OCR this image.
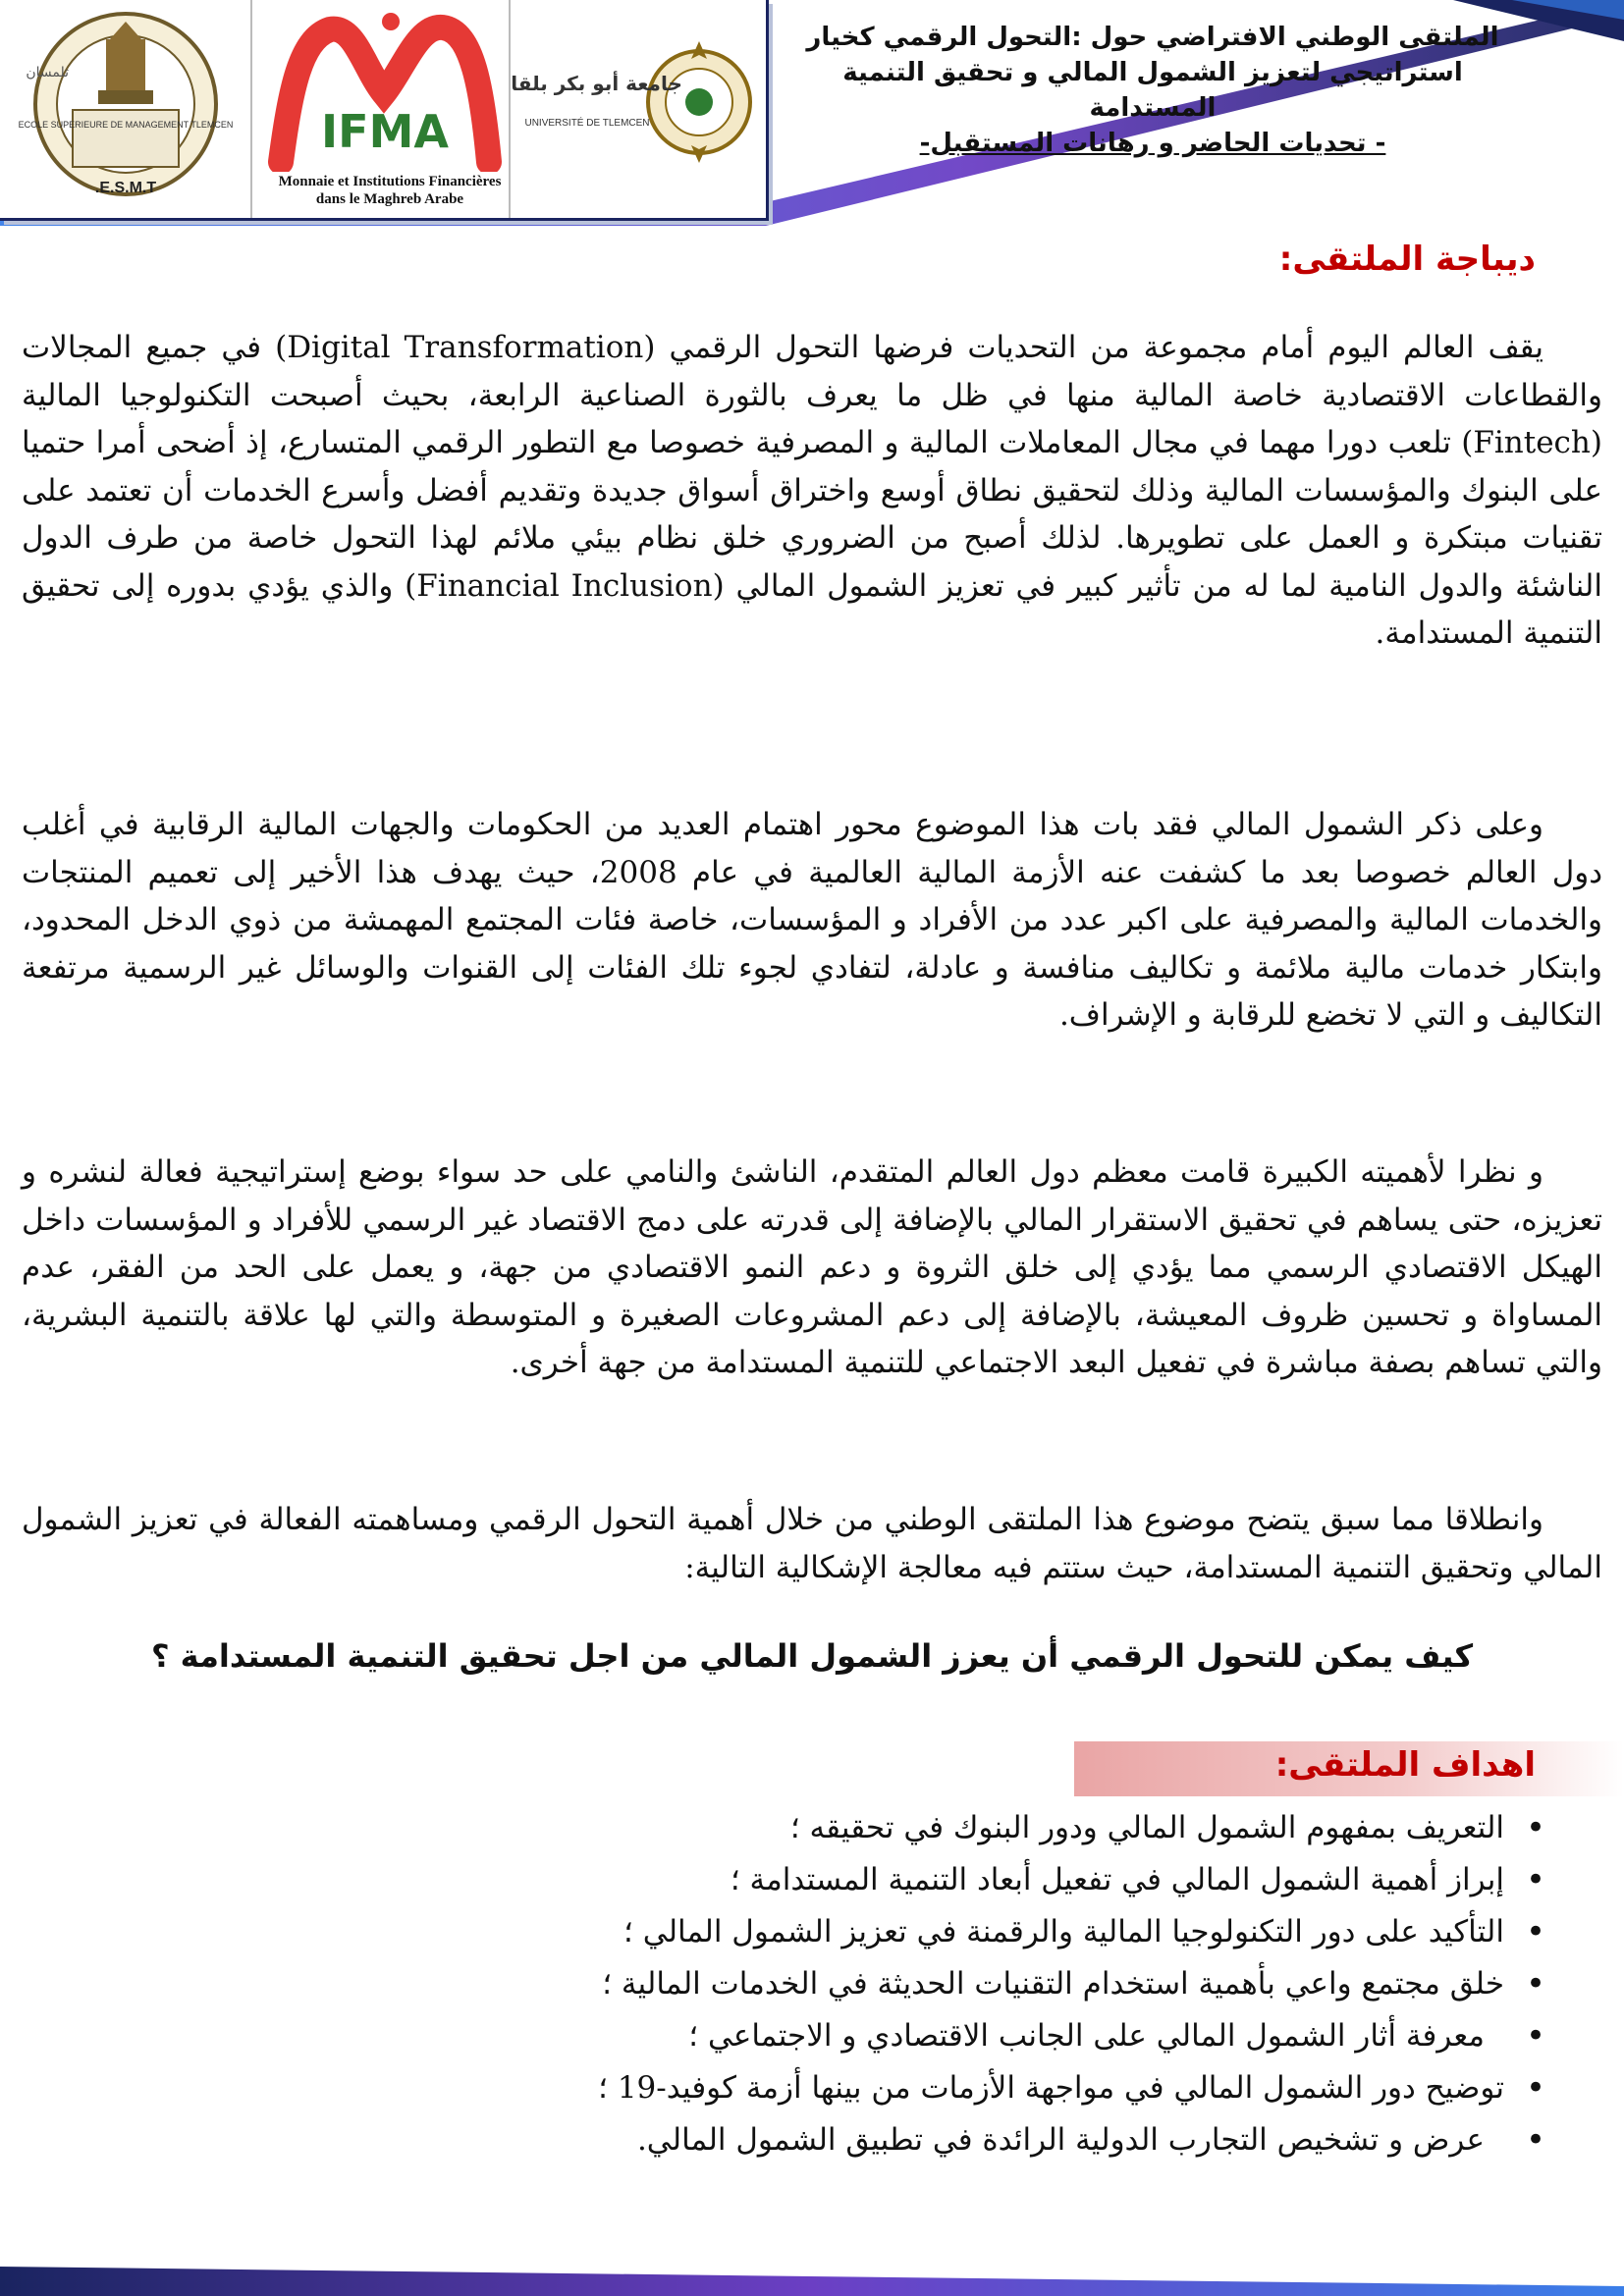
ECOLE SUPERIEURE DE MANAGEMENT TLEMCEN
E.S.M.T.
تلمسان
IFMA
جامعة أبو بكر بلقايد
UNIVERSITÉ DE TLEMCEN
Monnaie et Institutions Financières
dans le Maghreb Arabe
الملتقى الوطني الافتراضي حول :التحول الرقمي كخيار
استراتيجي لتعزيز الشمول المالي و تحقيق التنمية المستدامة
- تحديات الحاضر و رهانات المستقبل-
ديباجة الملتقى:
يقف العالم اليوم أمام مجموعة من التحديات فرضها التحول الرقمي (Digital Transformation) في جميع المجالات والقطاعات الاقتصادية خاصة المالية منها في ظل ما يعرف بالثورة الصناعية الرابعة، بحيث أصبحت التكنولوجيا المالية (Fintech) تلعب دورا مهما في مجال المعاملات المالية و المصرفية خصوصا مع التطور الرقمي المتسارع، إذ أضحى أمرا حتميا على البنوك والمؤسسات المالية وذلك لتحقيق نطاق أوسع واختراق أسواق جديدة وتقديم أفضل وأسرع الخدمات أن تعتمد على تقنيات مبتكرة و العمل على تطويرها. لذلك أصبح من الضروري خلق نظام بيئي ملائم لهذا التحول خاصة من طرف الدول الناشئة والدول النامية لما له من تأثير كبير في تعزيز الشمول المالي (Financial Inclusion) والذي يؤدي بدوره إلى تحقيق التنمية المستدامة.
وعلى ذكر الشمول المالي فقد بات هذا الموضوع محور اهتمام العديد من الحكومات والجهات المالية الرقابية في أغلب دول العالم خصوصا بعد ما كشفت عنه الأزمة المالية العالمية في عام 2008، حيث يهدف هذا الأخير إلى تعميم المنتجات والخدمات المالية والمصرفية على اكبر عدد من الأفراد و المؤسسات، خاصة فئات المجتمع المهمشة من ذوي الدخل المحدود، وابتكار خدمات مالية ملائمة و تكاليف منافسة و عادلة، لتفادي لجوء تلك الفئات إلى القنوات والوسائل غير الرسمية مرتفعة التكاليف و التي لا تخضع للرقابة و الإشراف.
و نظرا لأهميته الكبيرة قامت معظم دول العالم المتقدم، الناشئ والنامي على حد سواء بوضع إستراتيجية فعالة لنشره و تعزيزه، حتى يساهم في تحقيق الاستقرار المالي بالإضافة إلى قدرته على دمج الاقتصاد غير الرسمي للأفراد و المؤسسات داخل الهيكل الاقتصادي الرسمي مما يؤدي إلى خلق الثروة و دعم النمو الاقتصادي من جهة، و يعمل على الحد من الفقر، عدم المساواة و تحسين ظروف المعيشة، بالإضافة إلى دعم المشروعات الصغيرة و المتوسطة والتي لها علاقة بالتنمية البشرية، والتي تساهم بصفة مباشرة في تفعيل البعد الاجتماعي للتنمية المستدامة من جهة أخرى.
وانطلاقا مما سبق يتضح موضوع هذا الملتقى الوطني من خلال أهمية التحول الرقمي ومساهمته الفعالة في تعزيز الشمول المالي وتحقيق التنمية المستدامة، حيث ستتم فيه معالجة الإشكالية التالية:
كيف يمكن للتحول الرقمي أن يعزز الشمول المالي من اجل تحقيق التنمية المستدامة ؟
اهداف الملتقى:
• التعريف بمفهوم الشمول المالي ودور البنوك في تحقيقه ؛
• إبراز أهمية الشمول المالي في تفعيل أبعاد التنمية المستدامة ؛
• التأكيد على دور التكنولوجيا المالية والرقمنة في تعزيز الشمول المالي ؛
• خلق مجتمع واعي بأهمية استخدام التقنيات الحديثة في الخدمات المالية ؛
• معرفة أثار الشمول المالي على الجانب الاقتصادي و الاجتماعي ؛
• توضيح دور الشمول المالي في مواجهة الأزمات من بينها أزمة كوفيد-19 ؛
• عرض و تشخيص التجارب الدولية الرائدة في تطبيق الشمول المالي.
